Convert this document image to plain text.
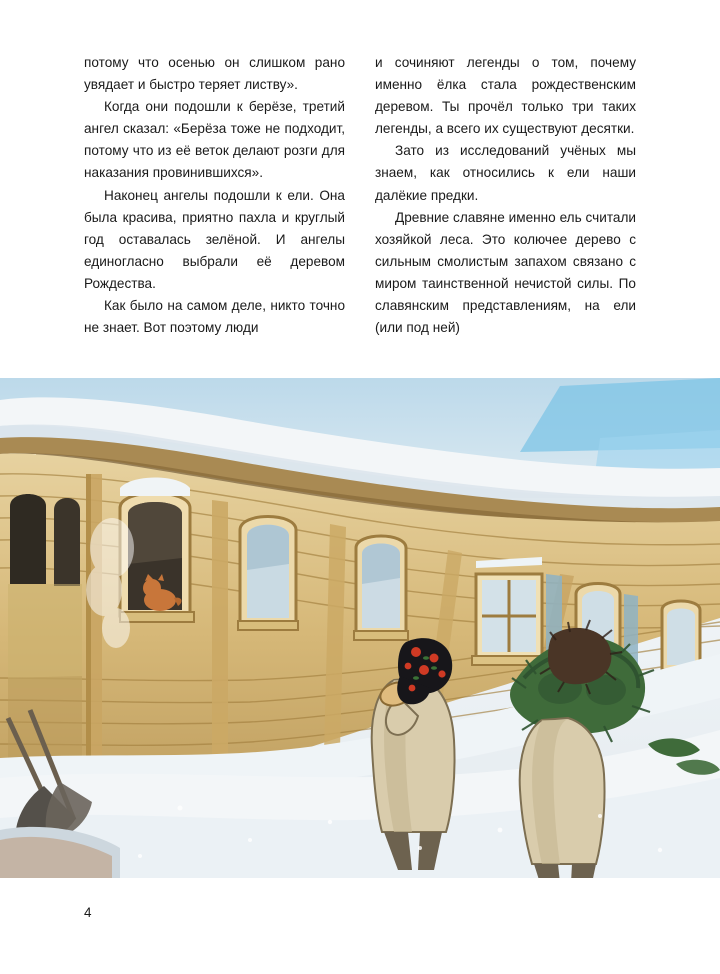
потому что осенью он слишком рано увядает и быстро теряет листву».

Когда они подошли к берёзе, третий ангел сказал: «Берёза тоже не подходит, потому что из её веток делают розги для наказания провинившихся».

Наконец ангелы подошли к ели. Она была красива, приятно пахла и круглый год оставалась зелёной. И ангелы единогласно выбрали её деревом Рождества.

Как было на самом деле, никто точно не знает. Вот поэтому люди

и сочиняют легенды о том, почему именно ёлка стала рождественским деревом. Ты прочёл только три таких легенды, а всего их существуют десятки.

Зато из исследований учёных мы знаем, как относились к ели наши далёкие предки.

Древние славяне именно ель считали хозяйкой леса. Это колючее дерево с сильным смолистым запахом связано с миром таинственной нечистой силы. По славянским представлениям, на ели (или под ней)

4
